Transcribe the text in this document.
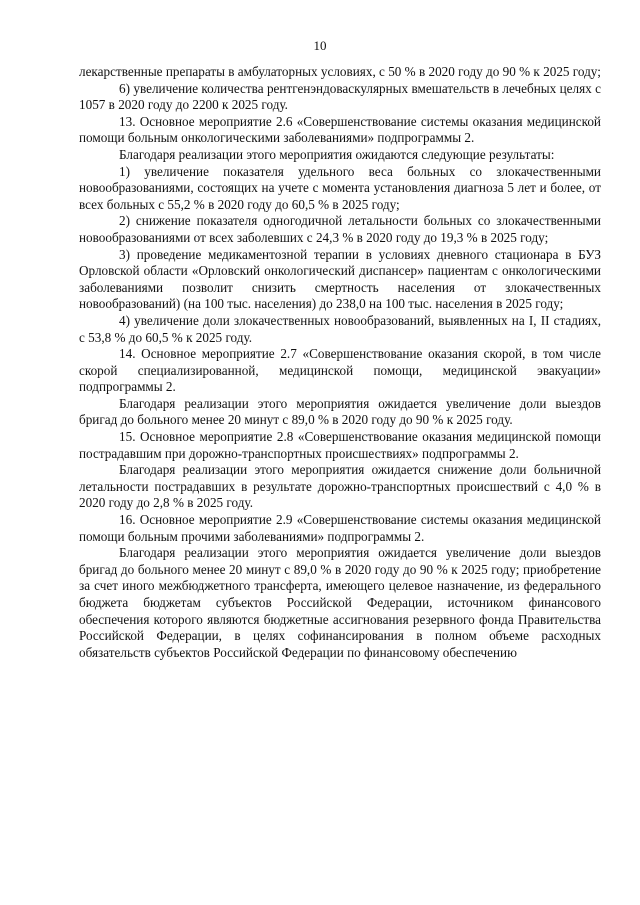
10

лекарственные препараты в амбулаторных условиях, с 50 % в 2020 году до 90 % к 2025 году;

6) увеличение количества рентгенэндоваскулярных вмешательств в лечебных целях с 1057 в 2020 году до 2200 к 2025 году.

13. Основное мероприятие 2.6 «Совершенствование системы оказания медицинской помощи больным онкологическими заболеваниями» подпрограммы 2.

Благодаря реализации этого мероприятия ожидаются следующие результаты:

1) увеличение показателя удельного веса больных со злокачественными новообразованиями, состоящих на учете с момента установления диагноза 5 лет и более, от всех больных с 55,2 % в 2020 году до 60,5 % в 2025 году;

2) снижение показателя одногодичной летальности больных со злокачественными новообразованиями от всех заболевших с 24,3 % в 2020 году до 19,3 % в 2025 году;

3) проведение медикаментозной терапии в условиях дневного стационара в БУЗ Орловской области «Орловский онкологический диспансер» пациентам с онкологическими заболеваниями позволит снизить смертность населения от злокачественных новообразований) (на 100 тыс. населения) до 238,0 на 100 тыс. населения в 2025 году;

4) увеличение доли злокачественных новообразований, выявленных на I, II стадиях, с 53,8 % до 60,5 % к 2025 году.

14. Основное мероприятие 2.7 «Совершенствование оказания скорой, в том числе скорой специализированной, медицинской помощи, медицинской эвакуации» подпрограммы 2.

Благодаря реализации этого мероприятия ожидается увеличение доли выездов бригад до больного менее 20 минут с 89,0 % в 2020 году до 90 % к 2025 году.

15. Основное мероприятие 2.8 «Совершенствование оказания медицинской помощи пострадавшим при дорожно-транспортных происшествиях» подпрограммы 2.

Благодаря реализации этого мероприятия ожидается снижение доли больничной летальности пострадавших в результате дорожно-транспортных происшествий с 4,0 % в 2020 году до 2,8 % в 2025 году.

16. Основное мероприятие 2.9 «Совершенствование системы оказания медицинской помощи больным прочими заболеваниями» подпрограммы 2.

Благодаря реализации этого мероприятия ожидается увеличение доли выездов бригад до больного менее 20 минут с 89,0 % в 2020 году до 90 % к 2025 году; приобретение за счет иного межбюджетного трансферта, имеющего целевое назначение, из федерального бюджета бюджетам субъектов Российской Федерации, источником финансового обеспечения которого являются бюджетные ассигнования резервного фонда Правительства Российской Федерации, в целях софинансирования в полном объеме расходных обязательств субъектов Российской Федерации по финансовому обеспечению
